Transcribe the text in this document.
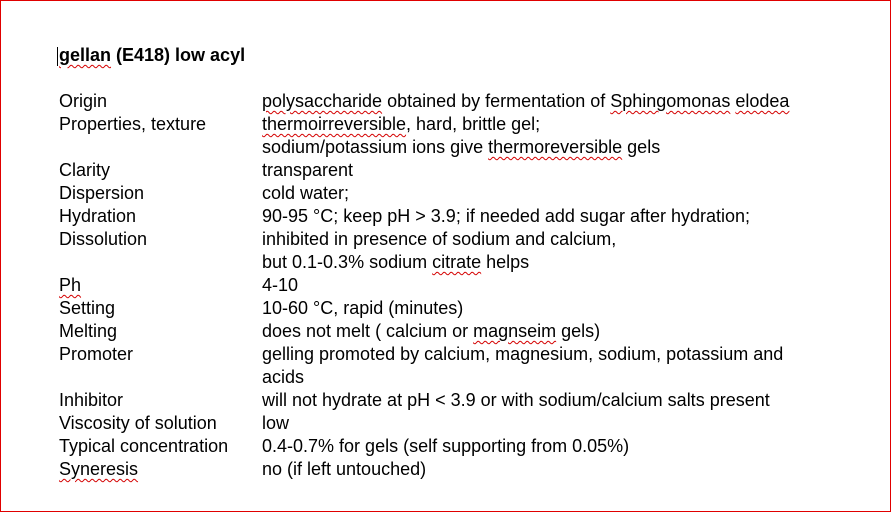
gellan (E418) low acyl
Origin	polysaccharide obtained by fermentation of Sphingomonas elodea
Properties, texture	thermoirreversible, hard, brittle gel;
sodium/potassium ions give thermoreversible gels
Clarity	transparent
Dispersion	cold water;
Hydration	90-95 °C; keep pH > 3.9; if needed add sugar after hydration;
Dissolution	inhibited in presence of sodium and calcium,
but 0.1-0.3% sodium citrate helps
Ph	4-10
Setting	10-60 °C, rapid (minutes)
Melting	does not melt ( calcium or magnseim gels)
Promoter	gelling promoted by calcium, magnesium, sodium, potassium and
acids
Inhibitor	will not hydrate at pH < 3.9 or with sodium/calcium salts present
Viscosity of solution	low
Typical concentration	0.4-0.7% for gels (self supporting from 0.05%)
Syneresis	no (if left untouched)
